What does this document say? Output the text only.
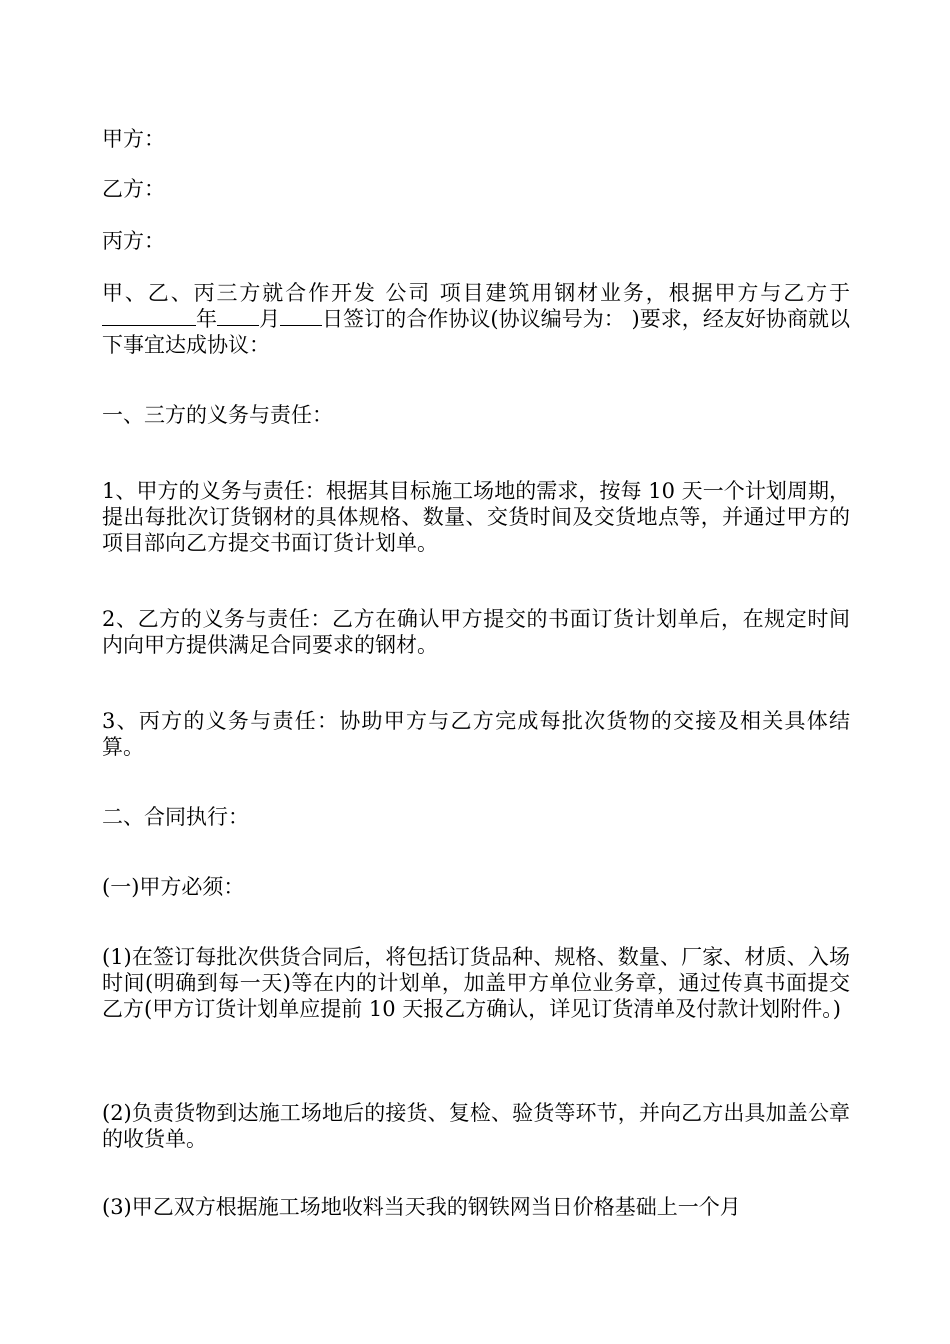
甲方：
乙方：
丙方：
甲、乙、丙三方就合作开发 公司 项目建筑用钢材业务，根据甲方与乙方于年 月 日签订的合作协议(协议编号为： )要求，经友好协商就以下事宜达成协议：
一、三方的义务与责任：
1、甲方的义务与责任：根据其目标施工场地的需求，按每 10 天一个计划周期，提出每批次订货钢材的具体规格、数量、交货时间及交货地点等，并通过甲方的项目部向乙方提交书面订货计划单。
2、乙方的义务与责任：乙方在确认甲方提交的书面订货计划单后，在规定时间内向甲方提供满足合同要求的钢材。
3、丙方的义务与责任：协助甲方与乙方完成每批次货物的交接及相关具体结算。
二、合同执行：
(一)甲方必须：
(1)在签订每批次供货合同后，将包括订货品种、规格、数量、厂家、材质、入场时间(明确到每一天)等在内的计划单，加盖甲方单位业务章，通过传真书面提交乙方(甲方订货计划单应提前 10 天报乙方确认，详见订货清单及付款计划附件。)
(2)负责货物到达施工场地后的接货、复检、验货等环节，并向乙方出具加盖公章的收货单。
(3)甲乙双方根据施工场地收料当天我的钢铁网当日价格基础上一个月
